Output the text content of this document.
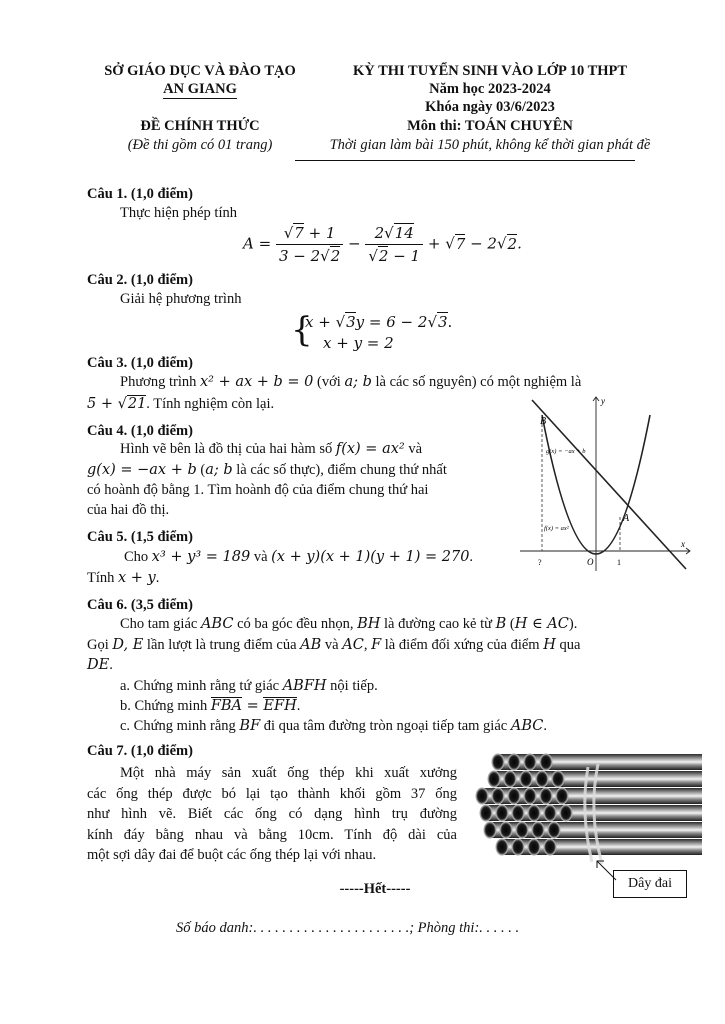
SỞ GIÁO DỤC VÀ ĐÀO TẠO
AN GIANG
ĐỀ CHÍNH THỨC
(Đề thi gồm có 01 trang)
KỲ THI TUYỂN SINH VÀO LỚP 10 THPT
Năm học 2023-2024
Khóa ngày 03/6/2023
Môn thi: TOÁN CHUYÊN
Thời gian làm bài 150 phút, không kể thời gian phát đề
Câu 1. (1,0 điểm)
Thực hiện phép tính
$A = \frac{√7 + 1}{3 - 2√2} - \frac{2√14}{√2 - 1} + √7 - 2√2$.
Câu 2. (1,0 điểm)
Giải hệ phương trình
{
x + √3y = 6 − 2√3.
x + y = 2
Câu 3. (1,0 điểm)
Phương trình x² + ax + b = 0 (với a; b là các số nguyên) có một nghiệm là
5 + √21. Tính nghiệm còn lại.
Câu 4. (1,0 điểm)
Hình vẽ bên là đồ thị của hai hàm số f(x) = ax² và
g(x) = −ax + b (a; b là các số thực), điểm chung thứ nhất
có hoành độ bằng 1. Tìm hoành độ của điểm chung thứ hai
của hai đồ thị.
B
A
O
y
x
1
?
g(x) = −ax + b
f(x) = ax²
Câu 5. (1,5 điểm)
Cho x³ + y³ = 189 và (x + y)(x + 1)(y + 1) = 270.
Tính x + y.
Câu 6. (3,5 điểm)
Cho tam giác ABC có ba góc đều nhọn, BH là đường cao kẻ từ B (H ∈ AC).
Gọi D, E lần lượt là trung điểm của AB và AC, F là điểm đối xứng của điểm H qua
DE.
a. Chứng minh rằng tứ giác ABFH nội tiếp.
b. Chứng minh FBA = EFH.
c. Chứng minh rằng BF đi qua tâm đường tròn ngoại tiếp tam giác ABC.
Câu 7. (1,0 điểm)
Một nhà máy sản xuất ống thép khi xuất xưởng
các ống thép được bó lại tạo thành khối gồm 37 ống
như hình vẽ. Biết các ống có dạng hình trụ đường
kính đáy bằng nhau và bằng 10cm. Tính độ dài của
một sợi dây đai để buột các ống thép lại với nhau.
Dây đai
-----Hết-----
Số báo danh:. . . . . . . . . . . . . . . . . . . . . .; Phòng thi:. . . . . .
